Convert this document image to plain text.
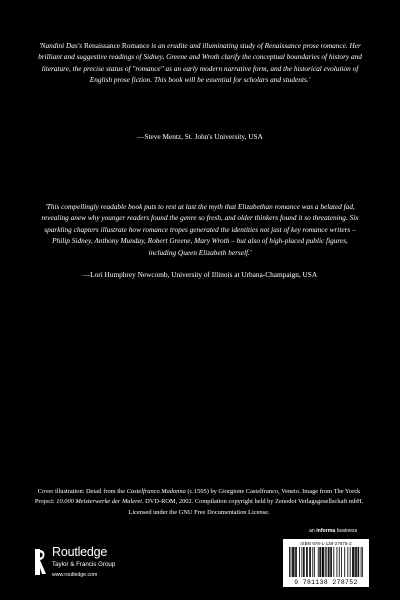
'Nandini Das's Renaissance Romance is an erudite and illuminating study of Renaissance prose romance. Her brilliant and suggestive readings of Sidney, Greene and Wroth clarify the conceptual boundaries of history and literature, the precise status of "romance" as an early modern narrative form, and the historical evolution of English prose fiction. This book will be essential for scholars and students.'

—Steve Mentz, St. John's University, USA

'This compellingly readable book puts to rest at last the myth that Elizabethan romance was a belated fad, revealing anew why younger readers found the genre so fresh, and older thinkers found it so threatening. Six sparkling chapters illustrate how romance tropes generated the identities not just of key romance writers – Philip Sidney, Anthony Munday, Robert Greene, Mary Wroth – but also of high-placed public figures, including Queen Elizabeth herself.'

—Lori Humphrey Newcomb, University of Illinois at Urbana-Champaign, USA

Cover illustration: Detail from the Castelfranco Madonna (c.1505) by Giorgione Castelfranco, Veneto. Image from The Yorck Project: 10.000 Meisterwerke der Malerei. DVD-ROM, 2002. Compilation copyright held by Zenodot Verlagsgesellschaft mbH. Licensed under the GNU Free Documentation License.

an informa business
Routledge
Taylor & Francis Group
www.routledge.com
ISBN 978-1-138-27875-2
9 781138 278752
